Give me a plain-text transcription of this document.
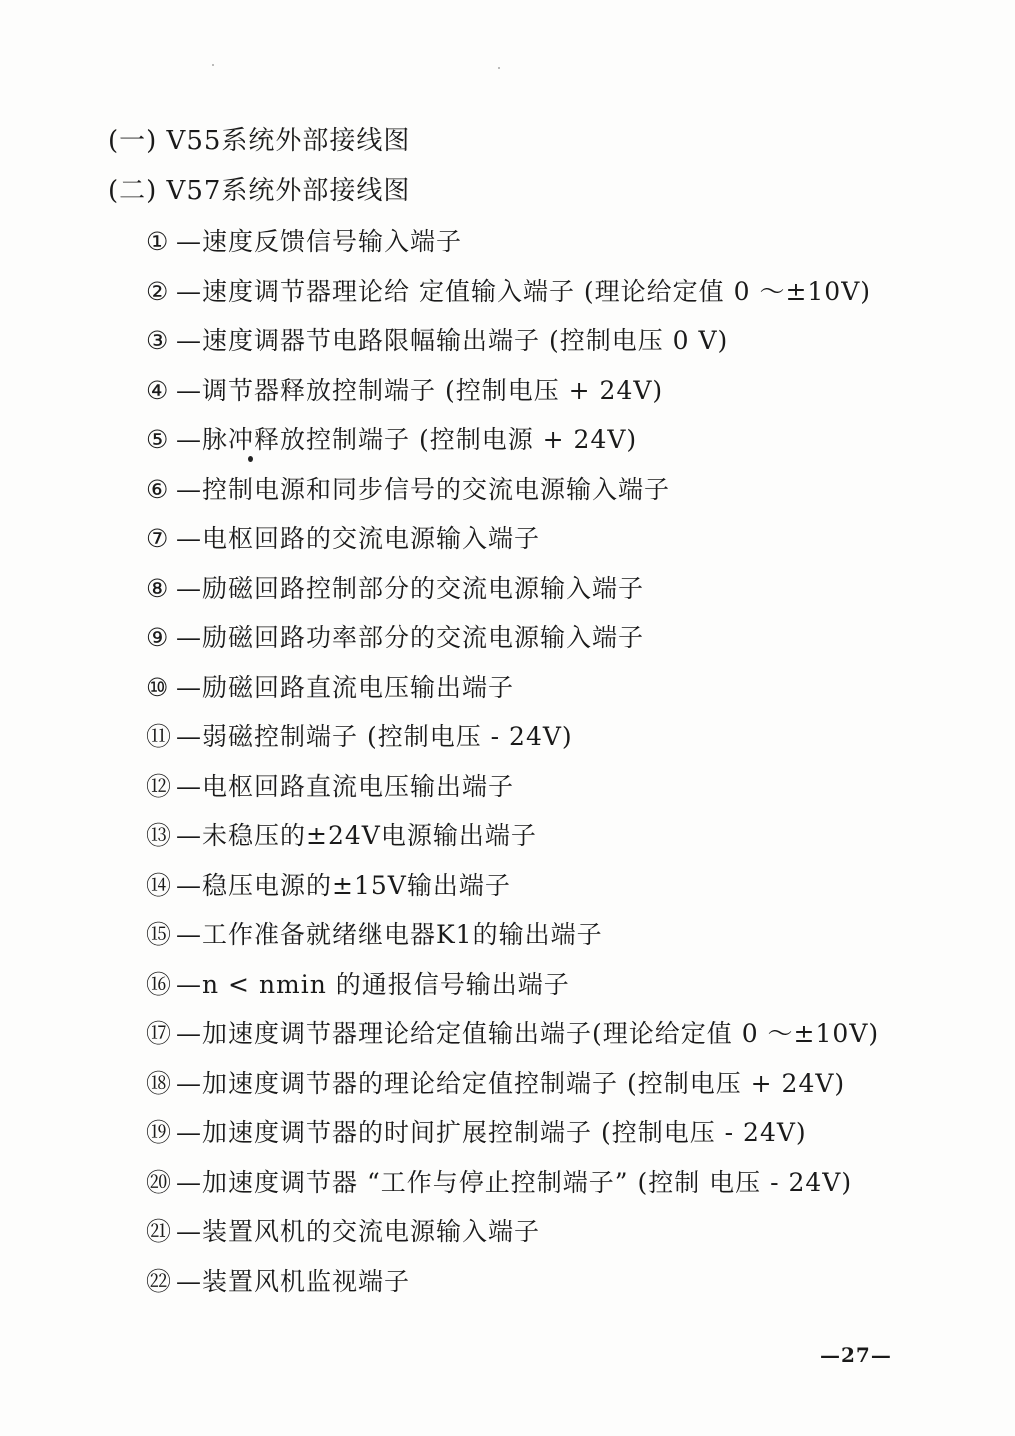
(一) V55系统外部接线图
(二) V57系统外部接线图
① —速度反馈信号输入端子
② —速度调节器理论给 定值输入端子 (理论给定值 0 ～±10V)
③ —速度调器节电路限幅输出端子 (控制电压 0 V)
④ —调节器释放控制端子 (控制电压 + 24V)
⑤ —脉冲释放控制端子 (控制电源 + 24V)
⑥ —控制电源和同步信号的交流电源输入端子
⑦ —电枢回路的交流电源输入端子
⑧ —励磁回路控制部分的交流电源输入端子
⑨ —励磁回路功率部分的交流电源输入端子
⑩ —励磁回路直流电压输出端子
⑪ —弱磁控制端子 (控制电压 - 24V)
⑫ —电枢回路直流电压输出端子
⑬ —未稳压的±24V电源输出端子
⑭ —稳压电源的±15V输出端子
⑮ —工作准备就绪继电器K1的输出端子
⑯ —n < nmin 的通报信号输出端子
⑰ —加速度调节器理论给定值输出端子(理论给定值 0 ～±10V)
⑱ —加速度调节器的理论给定值控制端子 (控制电压 + 24V)
⑲ —加速度调节器的时间扩展控制端子 (控制电压 - 24V)
⑳ —加速度调节器 “工作与停止控制端子” (控制 电压 - 24V)
㉑ —装置风机的交流电源输入端子
㉒ —装置风机监视端子
—27—
